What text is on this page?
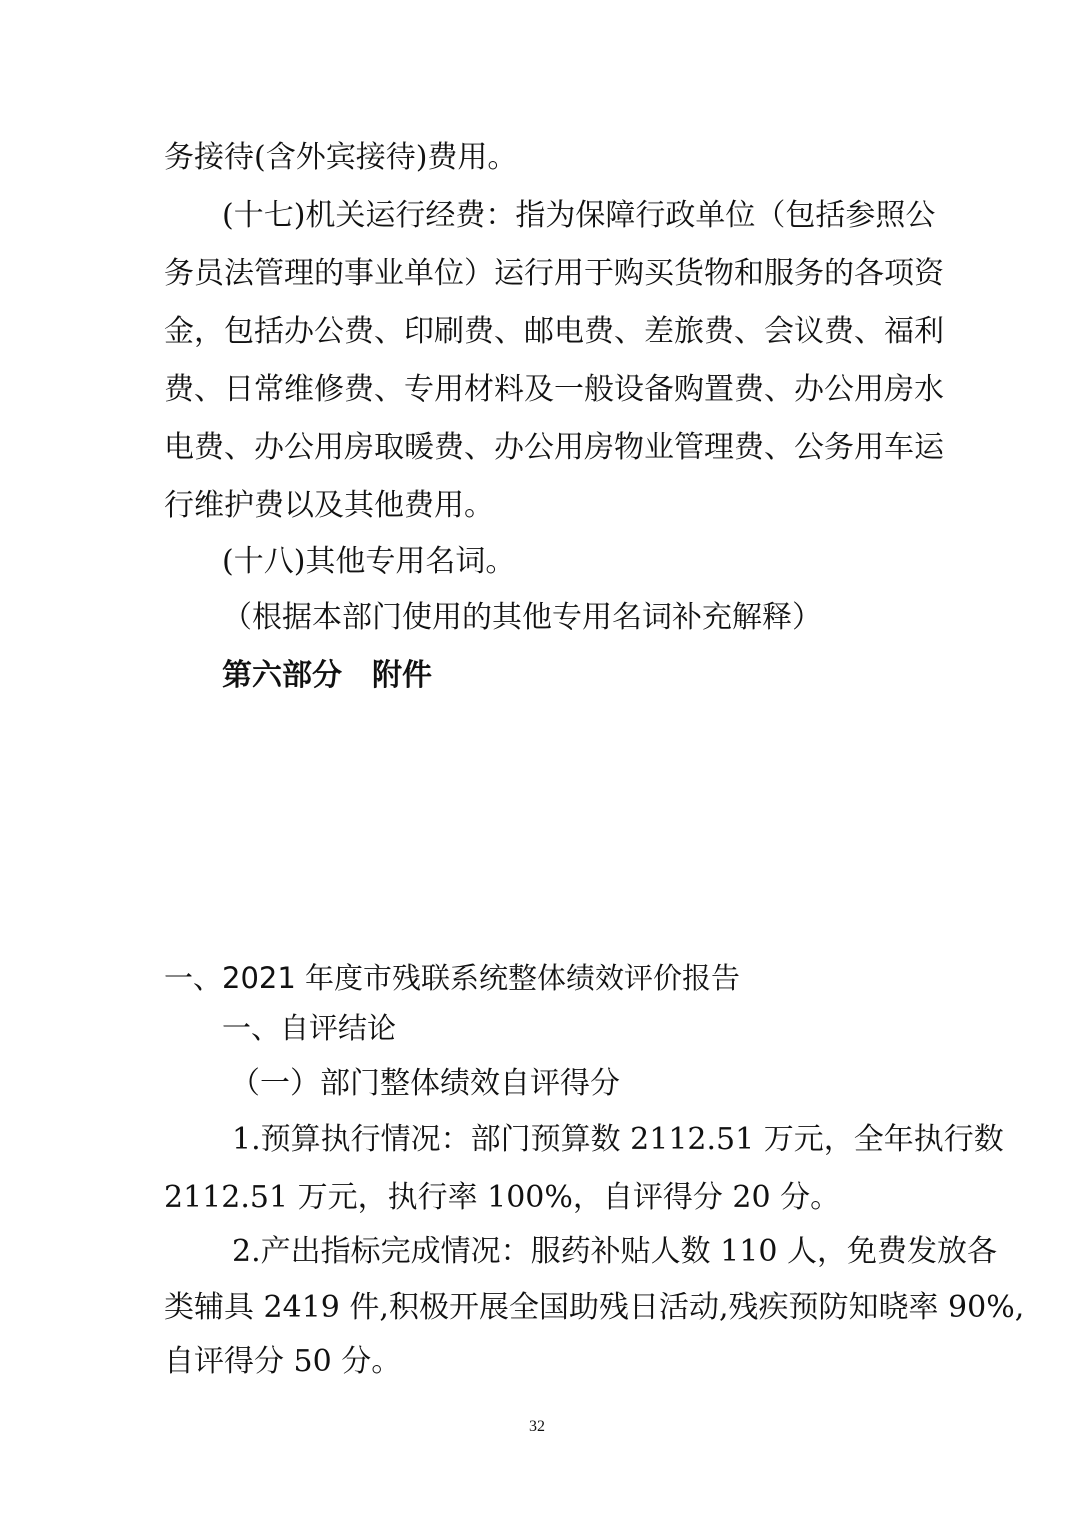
务接待(含外宾接待)费用。

(十七)机关运行经费：指为保障行政单位（包括参照公

务员法管理的事业单位）运行用于购买货物和服务的各项资

金，包括办公费、印刷费、邮电费、差旅费、会议费、福利

费、日常维修费、专用材料及一般设备购置费、办公用房水

电费、办公用房取暖费、办公用房物业管理费、公务用车运

行维护费以及其他费用。

(十八)其他专用名词。

（根据本部门使用的其他专用名词补充解释）

第六部分　附件

一、2021 年度市残联系统整体绩效评价报告

一、自评结论

（一）部门整体绩效自评得分

1.预算执行情况：部门预算数 2112.51 万元，全年执行数

2112.51 万元，执行率 100%，自评得分 20 分。

2.产出指标完成情况：服药补贴人数 110 人，免费发放各

类辅具 2419 件,积极开展全国助残日活动,残疾预防知晓率 90%,

自评得分 50 分。

32
